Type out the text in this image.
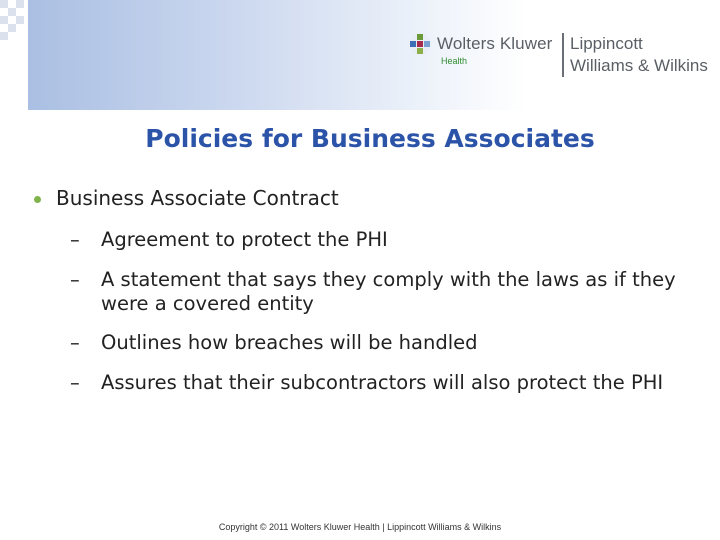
Wolters Kluwer
Health
Lippincott
Williams & Wilkins
Policies for Business Associates
Business Associate Contract
– Agreement to protect the PHI
– A statement that says they comply with the laws as if they were a covered entity
– Outlines how breaches will be handled
– Assures that their subcontractors will also protect the PHI
Copyright © 2011 Wolters Kluwer Health | Lippincott Williams & Wilkins
